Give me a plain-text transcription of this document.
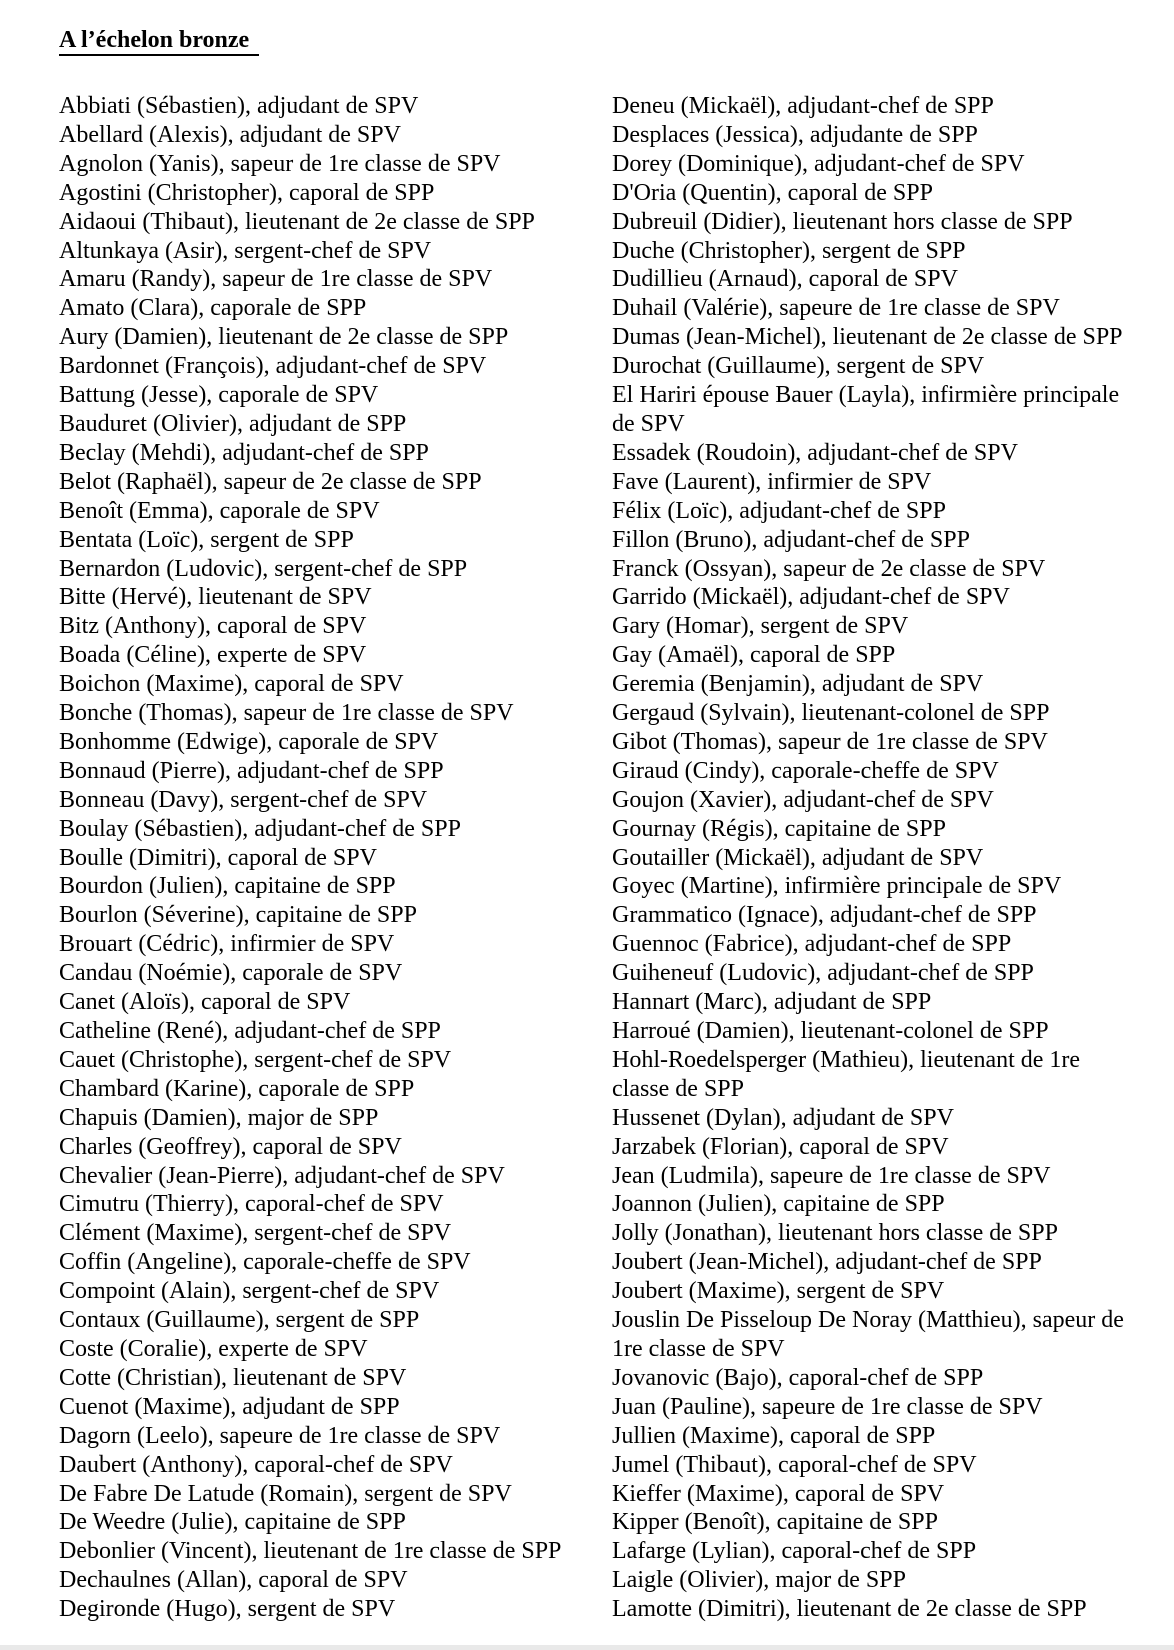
A l’échelon bronze

Abbiati (Sébastien), adjudant de SPV

Abellard (Alexis), adjudant de SPV

Agnolon (Yanis), sapeur de 1re classe de SPV

Agostini (Christopher), caporal de SPP

Aidaoui (Thibaut), lieutenant de 2e classe de SPP

Altunkaya (Asir), sergent-chef de SPV

Amaru (Randy), sapeur de 1re classe de SPV

Amato (Clara), caporale de SPP

Aury (Damien), lieutenant de 2e classe de SPP

Bardonnet (François), adjudant-chef de SPV

Battung (Jesse), caporale de SPV

Bauduret (Olivier), adjudant de SPP

Beclay (Mehdi), adjudant-chef de SPP

Belot (Raphaël), sapeur de 2e classe de SPP

Benoît (Emma), caporale de SPV

Bentata (Loïc), sergent de SPP

Bernardon (Ludovic), sergent-chef de SPP

Bitte (Hervé), lieutenant de SPV

Bitz (Anthony), caporal de SPV

Boada (Céline), experte de SPV

Boichon (Maxime), caporal de SPV

Bonche (Thomas), sapeur de 1re classe de SPV

Bonhomme (Edwige), caporale de SPV

Bonnaud (Pierre), adjudant-chef de SPP

Bonneau (Davy), sergent-chef de SPV

Boulay (Sébastien), adjudant-chef de SPP

Boulle (Dimitri), caporal de SPV

Bourdon (Julien), capitaine de SPP

Bourlon (Séverine), capitaine de SPP

Brouart (Cédric), infirmier de SPV

Candau (Noémie), caporale de SPV

Canet (Aloïs), caporal de SPV

Catheline (René), adjudant-chef de SPP

Cauet (Christophe), sergent-chef de SPV

Chambard (Karine), caporale de SPP

Chapuis (Damien), major de SPP

Charles (Geoffrey), caporal de SPV

Chevalier (Jean-Pierre), adjudant-chef de SPV

Cimutru (Thierry), caporal-chef de SPV

Clément (Maxime), sergent-chef de SPV

Coffin (Angeline), caporale-cheffe de SPV

Compoint (Alain), sergent-chef de SPV

Contaux (Guillaume), sergent de SPP

Coste (Coralie), experte de SPV

Cotte (Christian), lieutenant de SPV

Cuenot (Maxime), adjudant de SPP

Dagorn (Leelo), sapeure de 1re classe de SPV

Daubert (Anthony), caporal-chef de SPV

De Fabre De Latude (Romain), sergent de SPV

De Weedre (Julie), capitaine de SPP

Debonlier (Vincent), lieutenant de 1re classe de SPP

Dechaulnes (Allan), caporal de SPV

Degironde (Hugo), sergent de SPV

Deneu (Mickaël), adjudant-chef de SPP

Desplaces (Jessica), adjudante de SPP

Dorey (Dominique), adjudant-chef de SPV

D'Oria (Quentin), caporal de SPP

Dubreuil (Didier), lieutenant hors classe de SPP

Duche (Christopher), sergent de SPP

Dudillieu (Arnaud), caporal de SPV

Duhail (Valérie), sapeure de 1re classe de SPV

Dumas (Jean-Michel), lieutenant de 2e classe de SPP

Durochat (Guillaume), sergent de SPV

El Hariri épouse Bauer (Layla), infirmière principale de SPV

Essadek (Roudoin), adjudant-chef de SPV

Fave (Laurent), infirmier de SPV

Félix (Loïc), adjudant-chef de SPP

Fillon (Bruno), adjudant-chef de SPP

Franck (Ossyan), sapeur de 2e classe de SPV

Garrido (Mickaël), adjudant-chef de SPV

Gary (Homar), sergent de SPV

Gay (Amaël), caporal de SPP

Geremia (Benjamin), adjudant de SPV

Gergaud (Sylvain), lieutenant-colonel de SPP

Gibot (Thomas), sapeur de 1re classe de SPV

Giraud (Cindy), caporale-cheffe de SPV

Goujon (Xavier), adjudant-chef de SPV

Gournay (Régis), capitaine de SPP

Goutailler (Mickaël), adjudant de SPV

Goyec (Martine), infirmière principale de SPV

Grammatico (Ignace), adjudant-chef de SPP

Guennoc (Fabrice), adjudant-chef de SPP

Guiheneuf (Ludovic), adjudant-chef de SPP

Hannart (Marc), adjudant de SPP

Harroué (Damien), lieutenant-colonel de SPP

Hohl-Roedelsperger (Mathieu), lieutenant de 1re classe de SPP

Hussenet (Dylan), adjudant de SPV

Jarzabek (Florian), caporal de SPV

Jean (Ludmila), sapeure de 1re classe de SPV

Joannon (Julien), capitaine de SPP

Jolly (Jonathan), lieutenant hors classe de SPP

Joubert (Jean-Michel), adjudant-chef de SPP

Joubert (Maxime), sergent de SPV

Jouslin De Pisseloup De Noray (Matthieu), sapeur de 1re classe de SPV

Jovanovic (Bajo), caporal-chef de SPP

Juan (Pauline), sapeure de 1re classe de SPV

Jullien (Maxime), caporal de SPP

Jumel (Thibaut), caporal-chef de SPV

Kieffer (Maxime), caporal de SPV

Kipper (Benoît), capitaine de SPP

Lafarge (Lylian), caporal-chef de SPP

Laigle (Olivier), major de SPP

Lamotte (Dimitri), lieutenant de 2e classe de SPP
